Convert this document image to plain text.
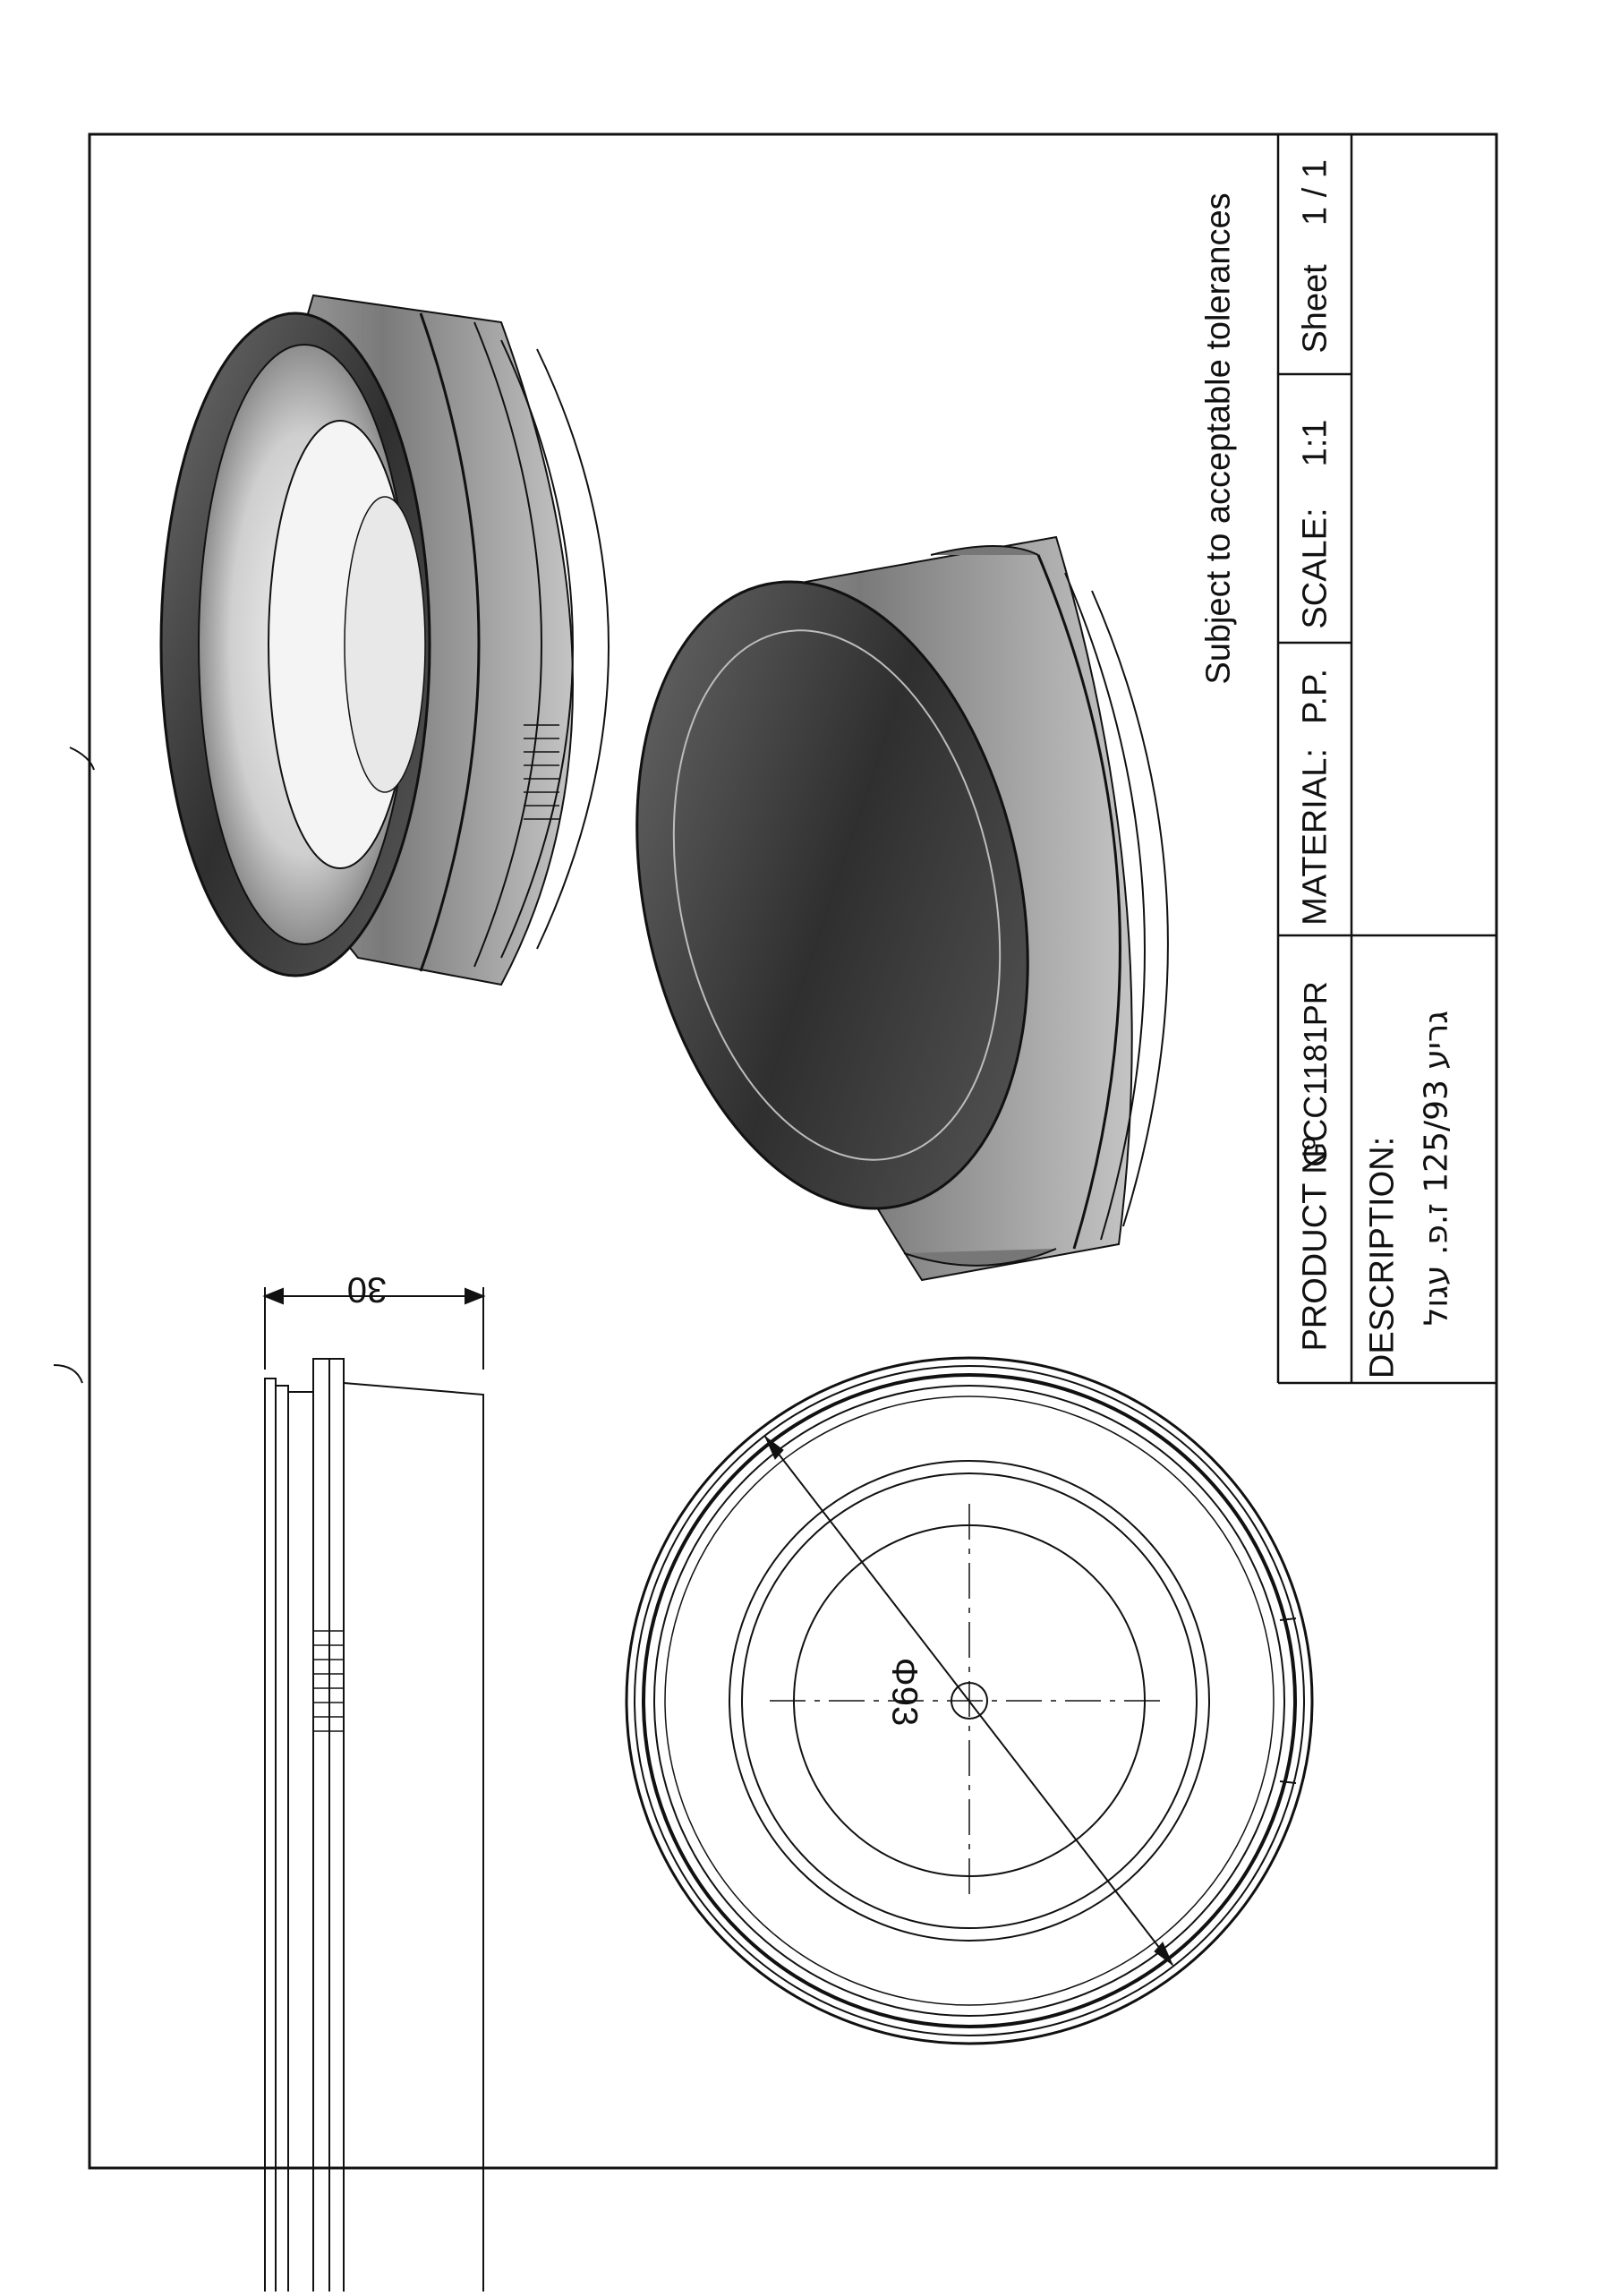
30
Φ93
Subject to acceptable tolerances
PRODUCT Nº
GCC1181PR
MATERIAL:
P.P.
SCALE:
1:1
Sheet
1 / 1
DESCRIPTION: גריע 125/93 ז.פ. עגול
